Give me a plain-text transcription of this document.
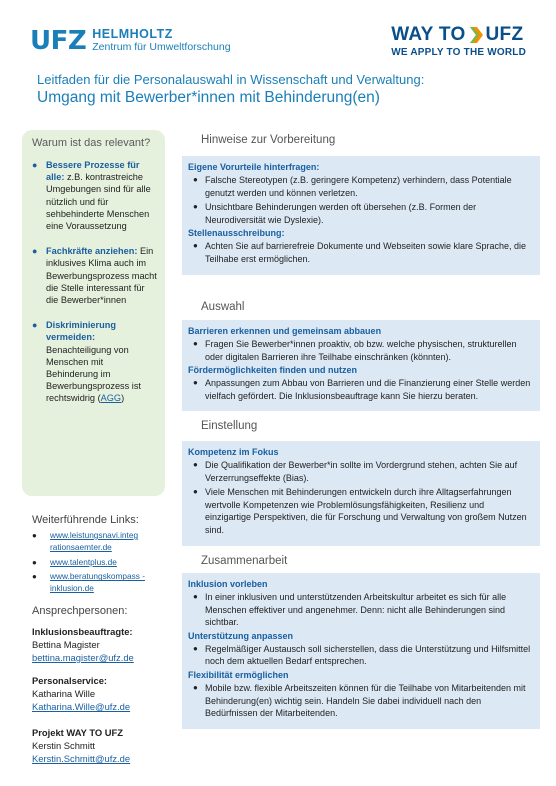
UFZ HELMHOLTZ
Zentrum für Umweltforschung
WAY TO UFZ
WE APPLY TO THE WORLD
Leitfaden für die Personalauswahl in Wissenschaft und Verwaltung:
Umgang mit Bewerber*innen mit Behinderung(en)
Warum ist das relevant?
● Bessere Prozesse für alle: z.B. kontrastreiche Umgebungen sind für alle nützlich und für sehbehinderte Menschen eine Voraussetzung
● Fachkräfte anziehen: Ein inklusives Klima auch im Bewerbungsprozess macht die Stelle interessant für die Bewerber*innen
● Diskriminierung vermeiden: Benachteiligung von Menschen mit Behinderung im Bewerbungsprozess ist rechtswidrig (AGG)
Weiterführende Links:
●	www.leistungsnavi.integ rationsaemter.de
●	www.talentplus.de
●	www.beratungskompass -inklusion.de
Ansprechpersonen:
Inklusionsbeauftragte:
Bettina Magister
bettina.magister@ufz.de
Personalservice:
Katharina Wille
Katharina.Wille@ufz.de
Projekt WAY TO UFZ
Kerstin Schmitt
Kerstin.Schmitt@ufz.de
Hinweise zur Vorbereitung
Eigene Vorurteile hinterfragen:
● Falsche Stereotypen (z.B. geringere Kompetenz) verhindern, dass Potentiale genutzt werden und können verletzen.
● Unsichtbare Behinderungen werden oft übersehen (z.B. Formen der Neurodiversität wie Dyslexie).
Stellenausschreibung:
● Achten Sie auf barrierefreie Dokumente und Webseiten sowie klare Sprache, die Teilhabe erst ermöglichen.
Auswahl
Barrieren erkennen und gemeinsam abbauen
● Fragen Sie Bewerber*innen proaktiv, ob bzw. welche physischen, strukturellen oder digitalen Barrieren ihre Teilhabe einschränken (könnten).
Fördermöglichkeiten finden und nutzen
● Anpassungen zum Abbau von Barrieren und die Finanzierung einer Stelle werden vielfach gefördert. Die Inklusionsbeauftrage kann Sie hierzu beraten.
Einstellung
Kompetenz im Fokus
● Die Qualifikation der Bewerber*in sollte im Vordergrund stehen, achten Sie auf Verzerrungseffekte (Bias).
● Viele Menschen mit Behinderungen entwickeln durch ihre Alltagserfahrungen wertvolle Kompetenzen wie Problemlösungsfähigkeiten, Resilienz und einzigartige Perspektiven, die für Forschung und Verwaltung von großem Nutzen sind.
Zusammenarbeit
Inklusion vorleben
● In einer inklusiven und unterstützenden Arbeitskultur arbeitet es sich für alle Menschen effektiver und angenehmer. Denn: nicht alle Behinderungen sind sichtbar.
Unterstützung anpassen
● Regelmäßiger Austausch soll sicherstellen, dass die Unterstützung und Hilfsmittel noch dem aktuellen Bedarf entsprechen.
Flexibilität ermöglichen
● Mobile bzw. flexible Arbeitszeiten können für die Teilhabe von Mitarbeitenden mit Behinderung(en) wichtig sein. Handeln Sie dabei individuell nach den Bedürfnissen der Mitarbeitenden.
